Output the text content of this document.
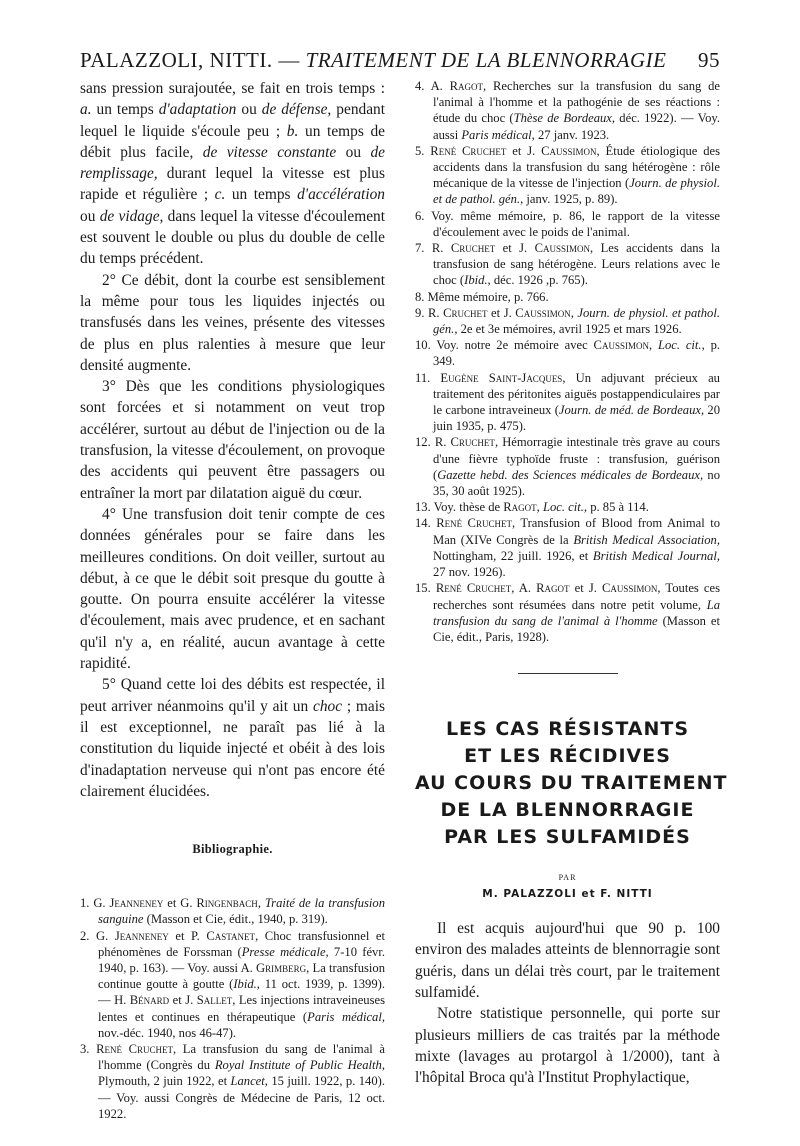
PALAZZOLI, NITTI. — TRAITEMENT DE LA BLENNORRAGIE 95

sans pression surajoutée, se fait en trois temps : a. un temps d'adaptation ou de défense, pendant lequel le liquide s'écoule peu ; b. un temps de débit plus facile, de vitesse constante ou de remplissage, durant lequel la vitesse est plus rapide et régulière ; c. un temps d'accélération ou de vidage, dans lequel la vitesse d'écoulement est souvent le double ou plus du double de celle du temps précédent.

2° Ce débit, dont la courbe est sensiblement la même pour tous les liquides injectés ou transfusés dans les veines, présente des vitesses de plus en plus ralenties à mesure que leur densité augmente.

3° Dès que les conditions physiologiques sont forcées et si notamment on veut trop accélérer, surtout au début de l'injection ou de la transfusion, la vitesse d'écoulement, on provoque des accidents qui peuvent être passagers ou entraîner la mort par dilatation aiguë du cœur.

4° Une transfusion doit tenir compte de ces données générales pour se faire dans les meilleures conditions. On doit veiller, surtout au début, à ce que le débit soit presque du goutte à goutte. On pourra ensuite accélérer la vitesse d'écoulement, mais avec prudence, et en sachant qu'il n'y a, en réalité, aucun avantage à cette rapidité.

5° Quand cette loi des débits est respectée, il peut arriver néanmoins qu'il y ait un choc ; mais il est exceptionnel, ne paraît pas lié à la constitution du liquide injecté et obéit à des lois d'inadaptation nerveuse qui n'ont pas encore été clairement élucidées.

Bibliographie.

1. G. Jeanneney et G. Ringenbach, Traité de la transfusion sanguine (Masson et Cie, édit., 1940, p. 319).

2. G. Jeanneney et P. Castanet, Choc transfusionnel et phénomènes de Forssman (Presse médicale, 7-10 févr. 1940, p. 163). — Voy. aussi A. Grimberg, La transfusion continue goutte à goutte (Ibid., 11 oct. 1939, p. 1399). — H. Bénard et J. Sallet, Les injections intraveineuses lentes et continues en thérapeutique (Paris médical, nov.-déc. 1940, nos 46-47).

3. René Cruchet, La transfusion du sang de l'animal à l'homme (Congrès du Royal Institute of Public Health, Plymouth, 2 juin 1922, et Lancet, 15 juill. 1922, p. 140). — Voy. aussi Congrès de Médecine de Paris, 12 oct. 1922.

4. A. Ragot, Recherches sur la transfusion du sang de l'animal à l'homme et la pathogénie de ses réactions : étude du choc (Thèse de Bordeaux, déc. 1922). — Voy. aussi Paris médical, 27 janv. 1923.

5. René Cruchet et J. Caussimon, Étude étiologique des accidents dans la transfusion du sang hétérogène : rôle mécanique de la vitesse de l'injection (Journ. de physiol. et de pathol. gén., janv. 1925, p. 89).

6. Voy. même mémoire, p. 86, le rapport de la vitesse d'écoulement avec le poids de l'animal.

7. R. Cruchet et J. Caussimon, Les accidents dans la transfusion de sang hétérogène. Leurs relations avec le choc (Ibid., déc. 1926 ,p. 765).

8. Même mémoire, p. 766.

9. R. Cruchet et J. Caussimon, Journ. de physiol. et pathol. gén., 2e et 3e mémoires, avril 1925 et mars 1926.

10. Voy. notre 2e mémoire avec Caussimon, Loc. cit., p. 349.

11. Eugène Saint-Jacques, Un adjuvant précieux au traitement des péritonites aiguës postappendiculaires par le carbone intraveineux (Journ. de méd. de Bordeaux, 20 juin 1935, p. 475).

12. R. Cruchet, Hémorragie intestinale très grave au cours d'une fièvre typhoïde fruste : transfusion, guérison (Gazette hebd. des Sciences médicales de Bordeaux, no 35, 30 août 1925).

13. Voy. thèse de Ragot, Loc. cit., p. 85 à 114.

14. René Cruchet, Transfusion of Blood from Animal to Man (XIVe Congrès de la British Medical Association, Nottingham, 22 juill. 1926, et British Medical Journal, 27 nov. 1926).

15. René Cruchet, A. Ragot et J. Caussimon, Toutes ces recherches sont résumées dans notre petit volume, La transfusion du sang de l'animal à l'homme (Masson et Cie, édit., Paris, 1928).

LES CAS RÉSISTANTS
ET LES RÉCIDIVES
AU COURS DU TRAITEMENT
DE LA BLENNORRAGIE
PAR LES SULFAMIDÉS
PAR
M. PALAZZOLI et F. NITTI

Il est acquis aujourd'hui que 90 p. 100 environ des malades atteints de blennorragie sont guéris, dans un délai très court, par le traitement sulfamidé.

Notre statistique personnelle, qui porte sur plusieurs milliers de cas traités par la méthode mixte (lavages au protargol à 1/2000), tant à l'hôpital Broca qu'à l'Institut Prophylactique,
